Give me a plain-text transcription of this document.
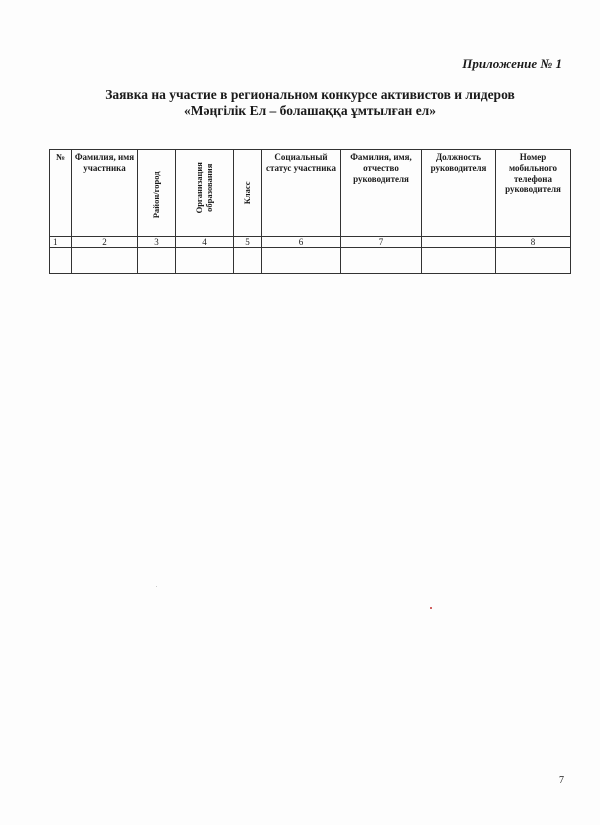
Приложение № 1
Заявка на участие в региональном конкурсе активистов и лидеров
«Мәңгілік Ел – болашаққа ұмтылған ел»
№	Фамилия, имя участника	Район/город	Организация образования	Класс	Социальный статус участника	Фамилия, имя, отчество руководителя	Должность руководителя	Номер мобильного телефона руководителя

1	2	3	4	5	6	7		8

7
